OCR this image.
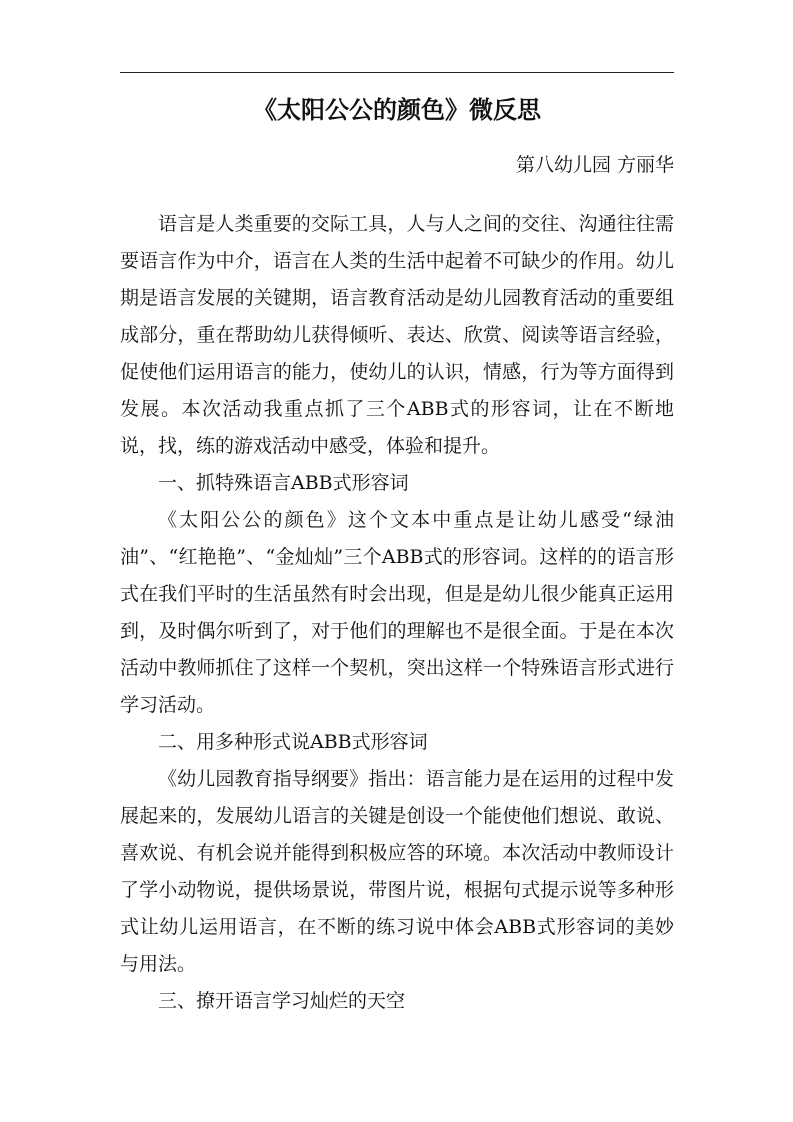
《太阳公公的颜色》微反思
第八幼儿园 方丽华

语言是人类重要的交际工具，人与人之间的交往、沟通往往需要语言作为中介，语言在人类的生活中起着不可缺少的作用。幼儿期是语言发展的关键期，语言教育活动是幼儿园教育活动的重要组成部分，重在帮助幼儿获得倾听、表达、欣赏、阅读等语言经验，促使他们运用语言的能力，使幼儿的认识，情感，行为等方面得到发展。本次活动我重点抓了三个ABB式的形容词，让在不断地说，找，练的游戏活动中感受，体验和提升。

一、抓特殊语言ABB式形容词

《太阳公公的颜色》这个文本中重点是让幼儿感受“绿油油”、“红艳艳”、“金灿灿”三个ABB式的形容词。这样的的语言形式在我们平时的生活虽然有时会出现，但是是幼儿很少能真正运用到，及时偶尔听到了，对于他们的理解也不是很全面。于是在本次活动中教师抓住了这样一个契机，突出这样一个特殊语言形式进行学习活动。

二、用多种形式说ABB式形容词

《幼儿园教育指导纲要》指出：语言能力是在运用的过程中发展起来的，发展幼儿语言的关键是创设一个能使他们想说、敢说、喜欢说、有机会说并能得到积极应答的环境。本次活动中教师设计了学小动物说，提供场景说，带图片说，根据句式提示说等多种形式让幼儿运用语言，在不断的练习说中体会ABB式形容词的美妙与用法。

三、撩开语言学习灿烂的天空
